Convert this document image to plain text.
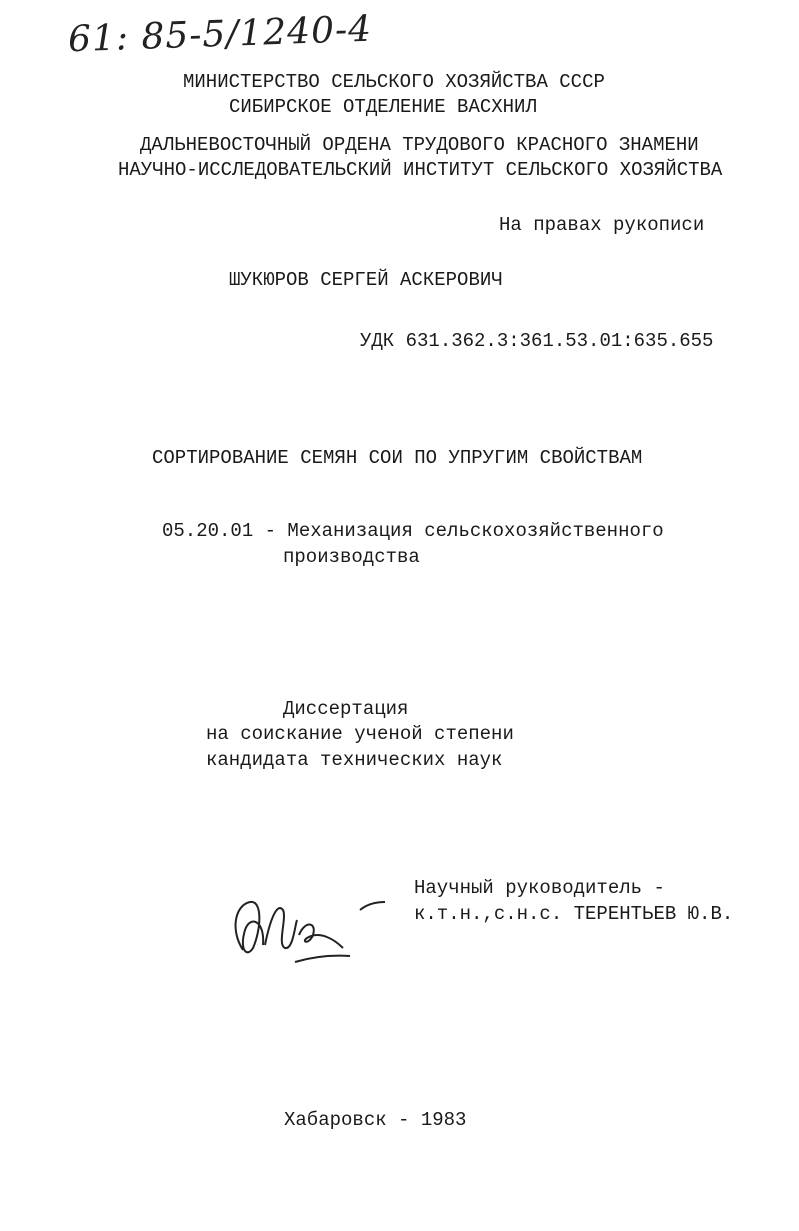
61: 85-5/1240-4
МИНИСТЕРСТВО СЕЛЬСКОГО ХОЗЯЙСТВА СССР
СИБИРСКОЕ ОТДЕЛЕНИЕ ВАСХНИЛ
ДАЛЬНЕВОСТОЧНЫЙ ОРДЕНА ТРУДОВОГО КРАСНОГО ЗНАМЕНИ
НАУЧНО-ИССЛЕДОВАТЕЛЬСКИЙ ИНСТИТУТ СЕЛЬСКОГО ХОЗЯЙСТВА
На правах рукописи
ШУКЮРОВ СЕРГЕЙ АСКЕРОВИЧ
УДК 631.362.3:361.53.01:635.655
СОРТИРОВАНИЕ СЕМЯН СОИ ПО УПРУГИМ СВОЙСТВАМ
05.20.01 - Механизация сельскохозяйственного
производства
Диссертация
на соискание ученой степени
кандидата технических наук
Научный руководитель -
к.т.н.,с.н.с. ТЕРЕНТЬЕВ Ю.В.
Хабаровск - 1983
